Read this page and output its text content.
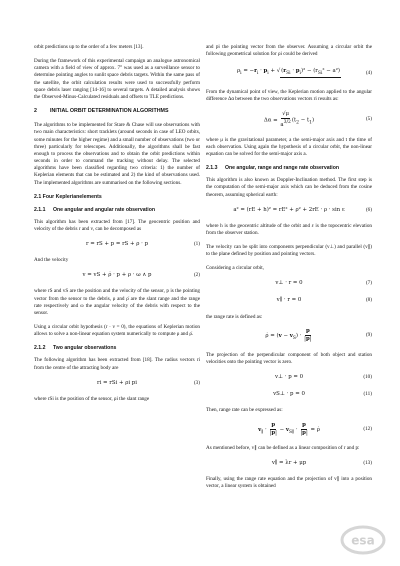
orbit predictions up to the order of a few meters [13].

During the framework of this experimental campaign an analogue astronomical camera with a field of view of approx. 7° was used as a surveillance sensor to determine pointing angles to sunlit space debris targets. Within the same pass of the satellite, the orbit calculation results were used to successfully perform space debris laser ranging [14-16] to several targets. A detailed analysis shows the Observed-Minus-Calculated residuals and offsets to TLE predictions.

2	INITIAL ORBIT DETERMINATION ALGORITHMS

The algorithms to be implemented for Stare & Chase will use observations with two main characteristics: short tracklets (around seconds in case of LEO orbits, some minutes for the higher regime) and a small number of observations (two or three) particularly for telescopes. Additionally, the algorithms shall be fast enough to process the observations and to obtain the orbit predictions within seconds in order to command the tracking without delay. The selected algorithms have been classified regarding two criteria: 1) the number of Keplerian elements that can be estimated and 2) the kind of observations used. The implemented algorithms are summarised on the following sections.

2.1 Four Keplerianelements
2.1.1	One angular and angular rate observation

This algorithm has been extracted from [17]. The geocentric position and velocity of the debris r and v, can be decomposed as

r = rS + p = rS + ρ · p	(1)

And the velocity

v = vS + ρ̇ · p + ρ · ω ∧ p	(2)

where rS and vS are the position and the velocity of the sensor, p is the pointing vector from the sensor to the debris, ρ and ρ̇ are the slant range and the range rate respectively and ω the angular velocity of the debris with respect to the sensor.

Using a circular orbit hypothesis (r · v = 0), the equations of Keplerian motion allows to solve a non-linear equation system numerically to compute ρ and ρ̇.

2.1.2	Two angular observations

The following algorithm has been extracted from [18]. The radius vectors ri from the centre of the attracting body are

ri = rSi + ρi pi	(3)

where rSi is the position of the sensor, ρi the slant range

and pi the pointing vector from the observer. Assuming a circular orbit the following geometrical solution for ρi could be derived

$\rho_i = -r_i \cdot p_i + √(r_{Si} \cdot p_i)^2 - (r_{Si}^2 - a^2)$	(4)

From the dynamical point of view, the Keplerian motion applied to the angular difference Δα between the two observations vectors ri results as:

$\Delta\alpha = \frac{√\mu}{a^{3/2}} (t_2 - t_1)$	(5)

where μ is the gravitational parameter, a the semi-major axis and t the time of each observation. Using again the hypothesis of a circular orbit, the non-linear equation can be solved for the semi-major axis a.

2.1.3	One angular, range and range rate observation

This algorithm is also known as Doppler-Inclination method. The first step is the computation of the semi-major axis which can be deduced from the cosine theorem, assuming spherical earth:

a² = (rE + h)² = rE² + ρ² + 2rE · ρ · sin ε	(6)

where h is the geocentric altitude of the orbit and ε is the topocentric elevation from the observer station.

The velocity can be split into components perpendicular (v⊥) and parallel (v∥) to the plane defined by position and pointing vectors.

Considering a circular orbit,

v⊥ · r = 0	(7)
v∥ · r = 0	(8)

the range rate is defined as:

ρ̇ = $(v - v_S) \cdot \frac{p}{|p|}$	(9)

The projection of the perpendicular component of both object and station velocities onto the pointing vector is zero.

v⊥ · p = 0	(10)
vS⊥ · p = 0	(11)

Then, range rate can be expressed as:

$v_\parallel \cdot \frac{p}{|p|} - v_{S\parallel} \cdot \frac{p}{|p|}$ = ρ̇	(12)

As mentioned before, v∥ can be defined as a linear composition of r and p:

v∥ = λr + μp	(13)

Finally, using the range rate equation and the projection of v∥ into a position vector, a linear system is obtained

esa
